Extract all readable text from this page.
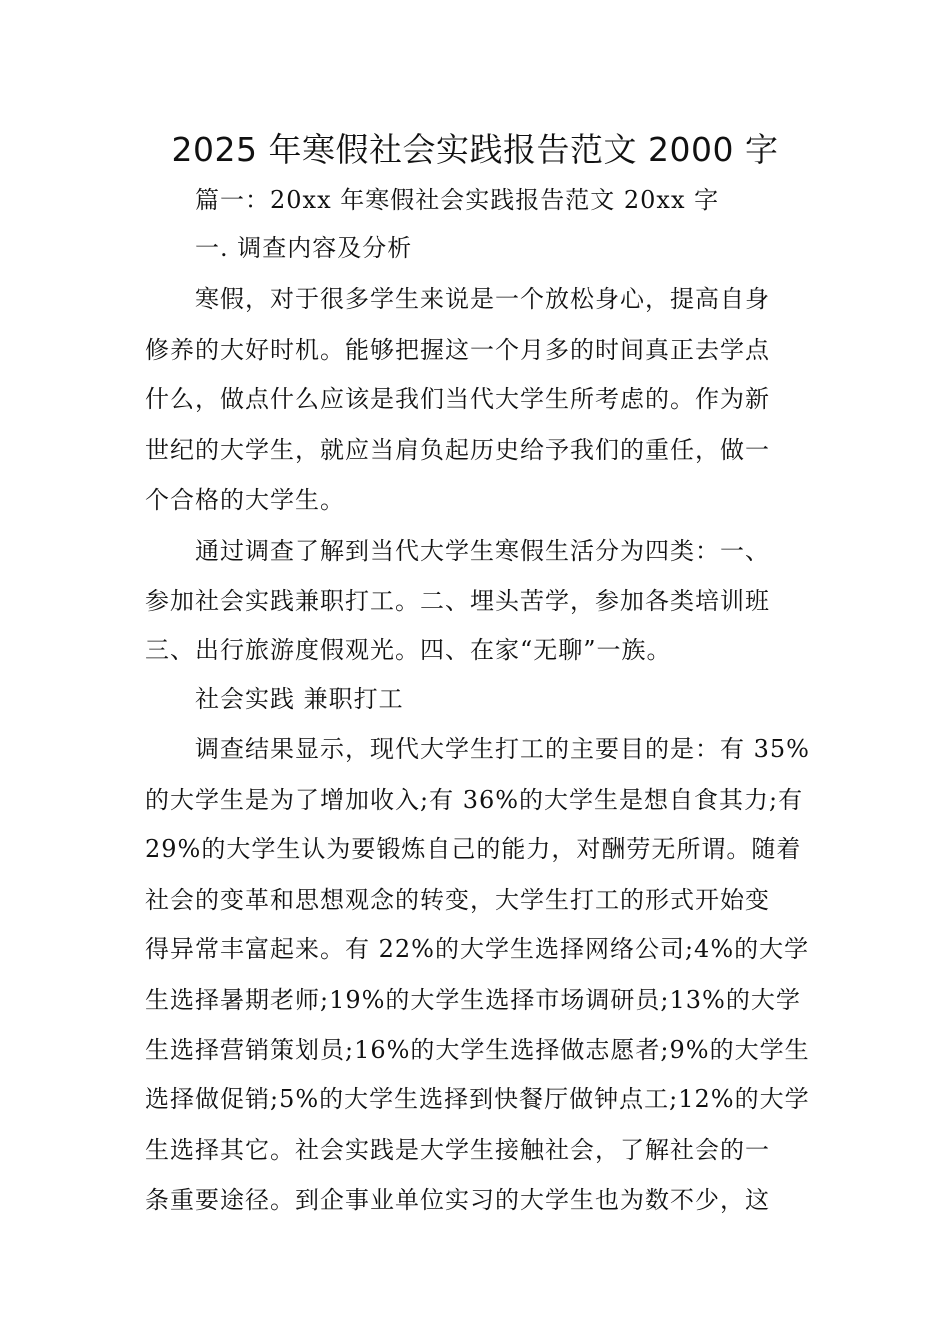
2025 年寒假社会实践报告范文 2000 字
篇一：20xx 年寒假社会实践报告范文 20xx 字
一. 调查内容及分析
寒假，对于很多学生来说是一个放松身心，提高自身
修养的大好时机。能够把握这一个月多的时间真正去学点
什么，做点什么应该是我们当代大学生所考虑的。作为新
世纪的大学生，就应当肩负起历史给予我们的重任，做一
个合格的大学生。
通过调查了解到当代大学生寒假生活分为四类：一、
参加社会实践兼职打工。二、埋头苦学，参加各类培训班
三、出行旅游度假观光。四、在家“无聊”一族。
社会实践 兼职打工
调查结果显示，现代大学生打工的主要目的是：有 35%
的大学生是为了增加收入;有 36%的大学生是想自食其力;有
29%的大学生认为要锻炼自己的能力，对酬劳无所谓。随着
社会的变革和思想观念的转变，大学生打工的形式开始变
得异常丰富起来。有 22%的大学生选择网络公司;4%的大学
生选择暑期老师;19%的大学生选择市场调研员;13%的大学
生选择营销策划员;16%的大学生选择做志愿者;9%的大学生
选择做促销;5%的大学生选择到快餐厅做钟点工;12%的大学
生选择其它。社会实践是大学生接触社会，了解社会的一
条重要途径。到企事业单位实习的大学生也为数不少，这
